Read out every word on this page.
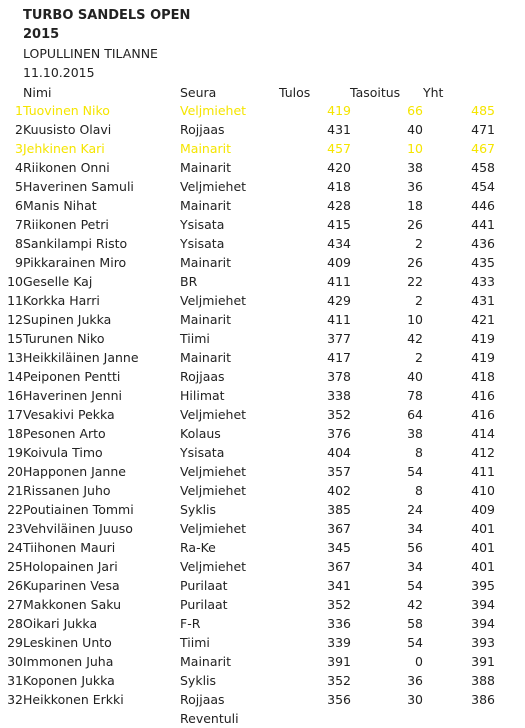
TURBO SANDELS OPEN
2015
LOPULLINEN TILANNE
11.10.2015
Nimi	Seura	Tulos	Tasoitus Yht
1 Tuovinen Niko	Veljmiehet	419	66	485
2 Kuusisto Olavi	Rojjaas	431	40	471
3 Jehkinen Kari	Mainarit	457	10	467
4 Riikonen Onni	Mainarit	420	38	458
5 Haverinen Samuli	Veljmiehet	418	36	454
6 Manis Nihat	Mainarit	428	18	446
7 Riikonen Petri	Ysisata	415	26	441
8 Sankilampi Risto	Ysisata	434	2	436
9 Pikkarainen Miro	Mainarit	409	26	435
10 Geselle Kaj	BR	411	22	433
11 Korkka Harri	Veljmiehet	429	2	431
12 Supinen Jukka	Mainarit	411	10	421
15 Turunen Niko	Tiimi	377	42	419
13 Heikkiläinen Janne	Mainarit	417	2	419
14 Peiponen Pentti	Rojjaas	378	40	418
16 Haverinen Jenni	Hilimat	338	78	416
17 Vesakivi Pekka	Veljmiehet	352	64	416
18 Pesonen Arto	Kolaus	376	38	414
19 Koivula Timo	Ysisata	404	8	412
20 Happonen Janne	Veljmiehet	357	54	411
21 Rissanen Juho	Veljmiehet	402	8	410
22 Poutiainen Tommi	Syklis	385	24	409
23 Vehviläinen Juuso	Veljmiehet	367	34	401
24 Tiihonen Mauri	Ra-Ke	345	56	401
25 Holopainen Jari	Veljmiehet	367	34	401
26 Kuparinen Vesa	Purilaat	341	54	395
27 Makkonen Saku	Purilaat	352	42	394
28 Oikari Jukka	F-R	336	58	394
29 Leskinen Unto	Tiimi	339	54	393
30 Immonen Juha	Mainarit	391	0	391
31 Koponen Jukka	Syklis	352	36	388
32 Heikkonen Erkki	Rojjaas	356	30	386
Reventuli
